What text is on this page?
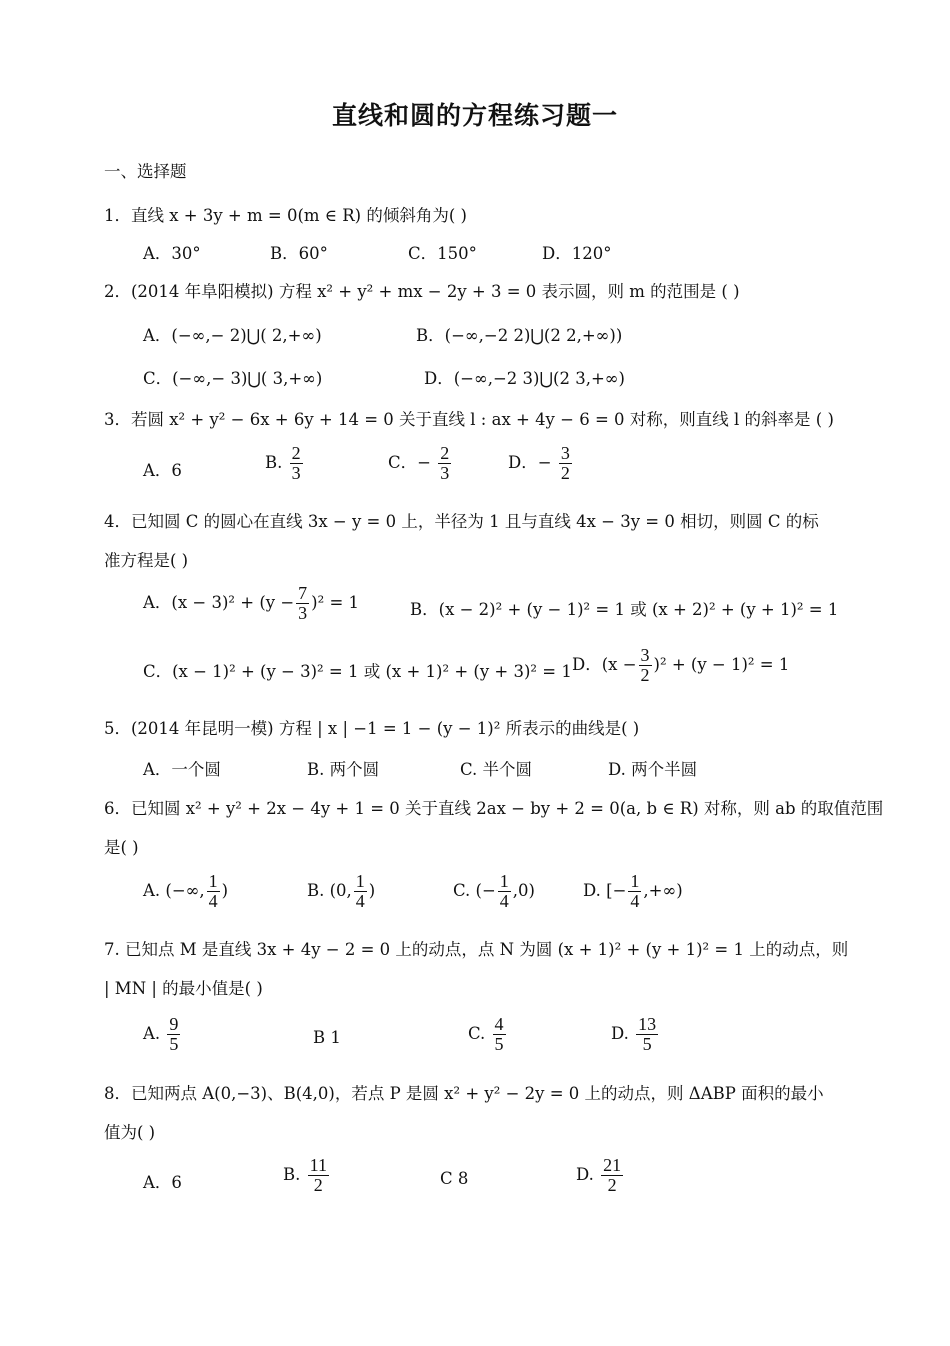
直线和圆的方程练习题一
一、选择题
1．直线 x + 3y + m = 0(m ∈ R) 的倾斜角为( )
A．30°	B．60°	C．150°	D．120°
2．(2014 年阜阳模拟) 方程 x² + y² + mx − 2y + 3 = 0 表示圆，则 m 的范围是 ( )
A．(−∞,− 2)⋃( 2,+∞)	B．(−∞,−2 2)⋃(2 2,+∞))
C．(−∞,− 3)⋃( 3,+∞)	D．(−∞,−2 3)⋃(2 3,+∞)
3．若圆 x² + y² − 6x + 6y + 14 = 0 关于直线 l : ax + 4y − 6 = 0 对称，则直线 l 的斜率是 ( )
A．6	B. $\frac{2}{3}$	C．− $\frac{2}{3}$	D．− $\frac{3}{2}$
4．已知圆 C 的圆心在直线 3x − y = 0 上，半径为 1 且与直线 4x − 3y = 0 相切，则圆 C 的标
准方程是( )
A．$(x - 3)^2 + (y - \frac{7}{3} )^2 = 1$	B．(x − 2)² + (y − 1)² = 1 或 (x + 2)² + (y + 1)² = 1
C．(x − 1)² + (y − 3)² = 1 或 (x + 1)² + (y + 3)² = 1 D．$(x - \frac{3}{2} )^2 + (y - 1)^2 = 1$
5．(2014 年昆明一模) 方程 | x | −1 = 1 − (y − 1)² 所表示的曲线是( )
A．一个圆	B. 两个圆	C. 半个圆	D. 两个半圆
6．已知圆 x² + y² + 2x − 4y + 1 = 0 关于直线 2ax − by + 2 = 0(a, b ∈ R) 对称，则 ab 的取值范围
是( )
A. (−∞, $\frac{1}{4}$ )	B. (0, $\frac{1}{4}$ )	C. (− $\frac{1}{4} ,0$)	D. [− $\frac{1}{4}$ ,+∞)
7. 已知点 M 是直线 3x + 4y − 2 = 0 上的动点，点 N 为圆 (x + 1)² + (y + 1)² = 1 上的动点，则
| MN | 的最小值是( )
A. $\frac{9}{5}$	B 1	C. $\frac{4}{5}$	D. $\frac{13}{5}$
8．已知两点 A(0,−3)、B(4,0)，若点 P 是圆 x² + y² − 2y = 0 上的动点，则 ΔABP 面积的最小
值为( )
A．6	B. $\frac{11}{2}$	C 8	D. $\frac{21}{2}$
